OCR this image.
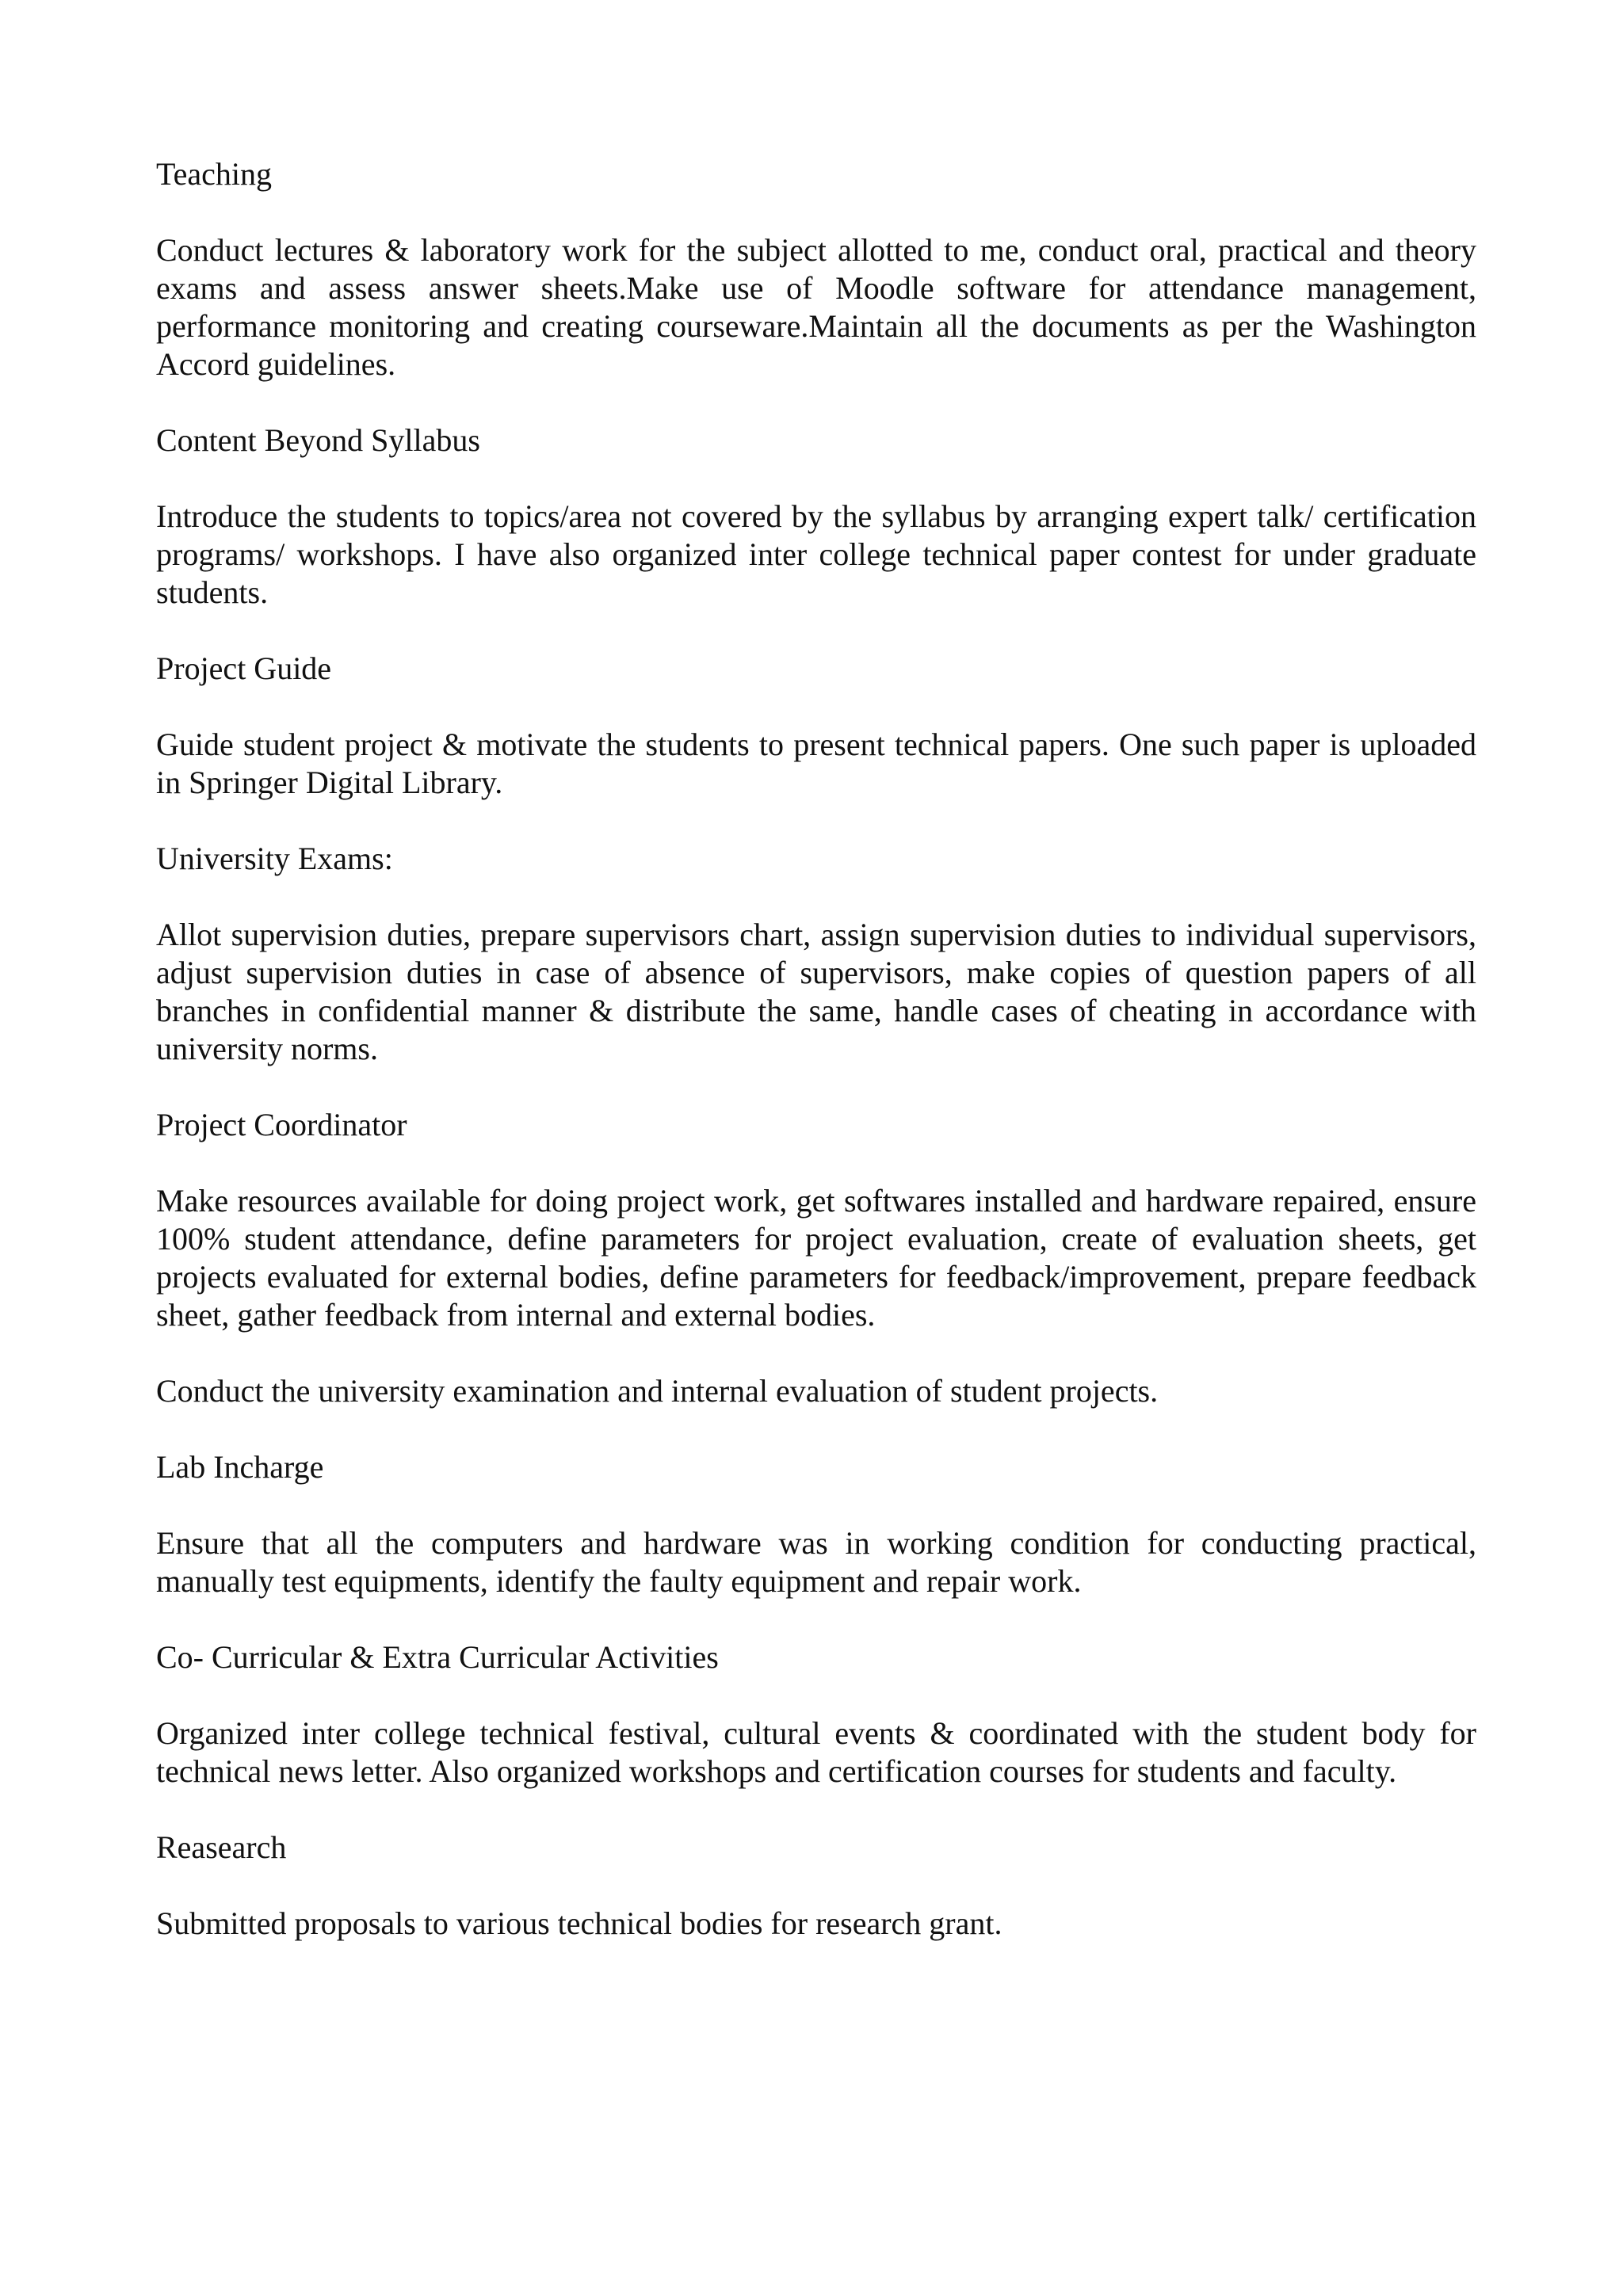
Teaching

Conduct lectures & laboratory work for the subject allotted to me, conduct oral, practical and theory exams and assess answer sheets.Make use of Moodle software for attendance management, performance monitoring and creating courseware.Maintain all the documents as per the Washington Accord guidelines.

Content Beyond Syllabus

Introduce the students to topics/area not covered by the syllabus by arranging expert talk/ certification programs/ workshops. I have also organized inter college technical paper contest for under graduate students.

Project Guide

Guide student project & motivate the students to present technical papers. One such paper is uploaded in Springer Digital Library.

University Exams:

Allot supervision duties, prepare supervisors chart, assign supervision duties to individual supervisors, adjust supervision duties in case of absence of supervisors, make copies of question papers of all branches in confidential manner & distribute the same, handle cases of cheating in accordance with university norms.

Project Coordinator

Make resources available for doing project work, get softwares installed and hardware repaired, ensure 100% student attendance, define parameters for project evaluation, create of evaluation sheets, get projects evaluated for external bodies, define parameters for feedback/improvement, prepare feedback sheet, gather feedback from internal and external bodies.

Conduct the university examination and internal evaluation of student projects.

Lab Incharge

Ensure that all the computers and hardware was in working condition for conducting practical, manually test equipments, identify the faulty equipment and repair work.

Co- Curricular & Extra Curricular Activities

Organized inter college technical festival, cultural events & coordinated with the student body for technical news letter. Also organized workshops and certification courses for students and faculty.

Reasearch

Submitted proposals to various technical bodies for research grant.
